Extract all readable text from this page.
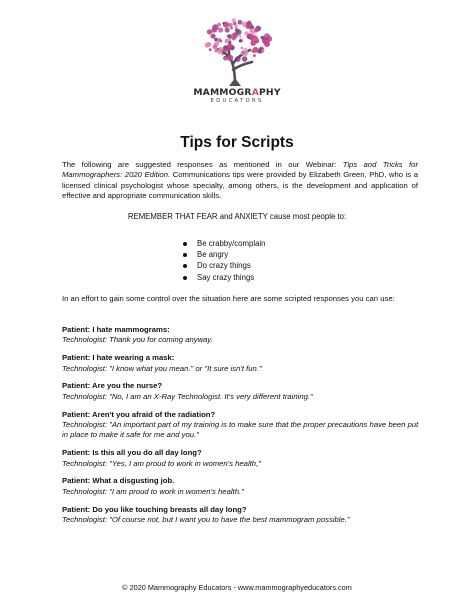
MAMMOGRAPHY
EDUCATORS
Tips for Scripts

The following are suggested responses as mentioned in our Webinar: Tips and Tricks for Mammographers: 2020 Edition. Communications tips were provided by Elizabeth Green, PhD, who is a licensed clinical psychologist whose specialty, among others, is the development and application of effective and appropriate communication skills.

REMEMBER THAT FEAR and ANXIETY cause most people to:
Be crabby/complain
Be angry
Do crazy things
Say crazy things
In an effort to gain some control over the situation here are some scripted responses you can use:
Patient: I hate mammograms:
Technologist: Thank you for coming anyway.
Patient: I hate wearing a mask:
Technologist: "I know what you mean." or "It sure isn't fun."
Patient: Are you the nurse?
Technologist: "No, I am an X-Ray Technologist. It's very different training."
Patient: Aren't you afraid of the radiation?
Technologist: "An important part of my training is to make sure that the proper precautions have been put in place to make it safe for me and you."
Patient: Is this all you do all day long?
Technologist: "Yes, I am proud to work in women's health,"
Patient: What a disgusting job.
Technologist: "I am proud to work in women's health."
Patient: Do you like touching breasts all day long?
Technologist: "Of course not, but I want you to have the best mammogram possible."
© 2020 Mammography Educators - www.mammographyeducators.com
